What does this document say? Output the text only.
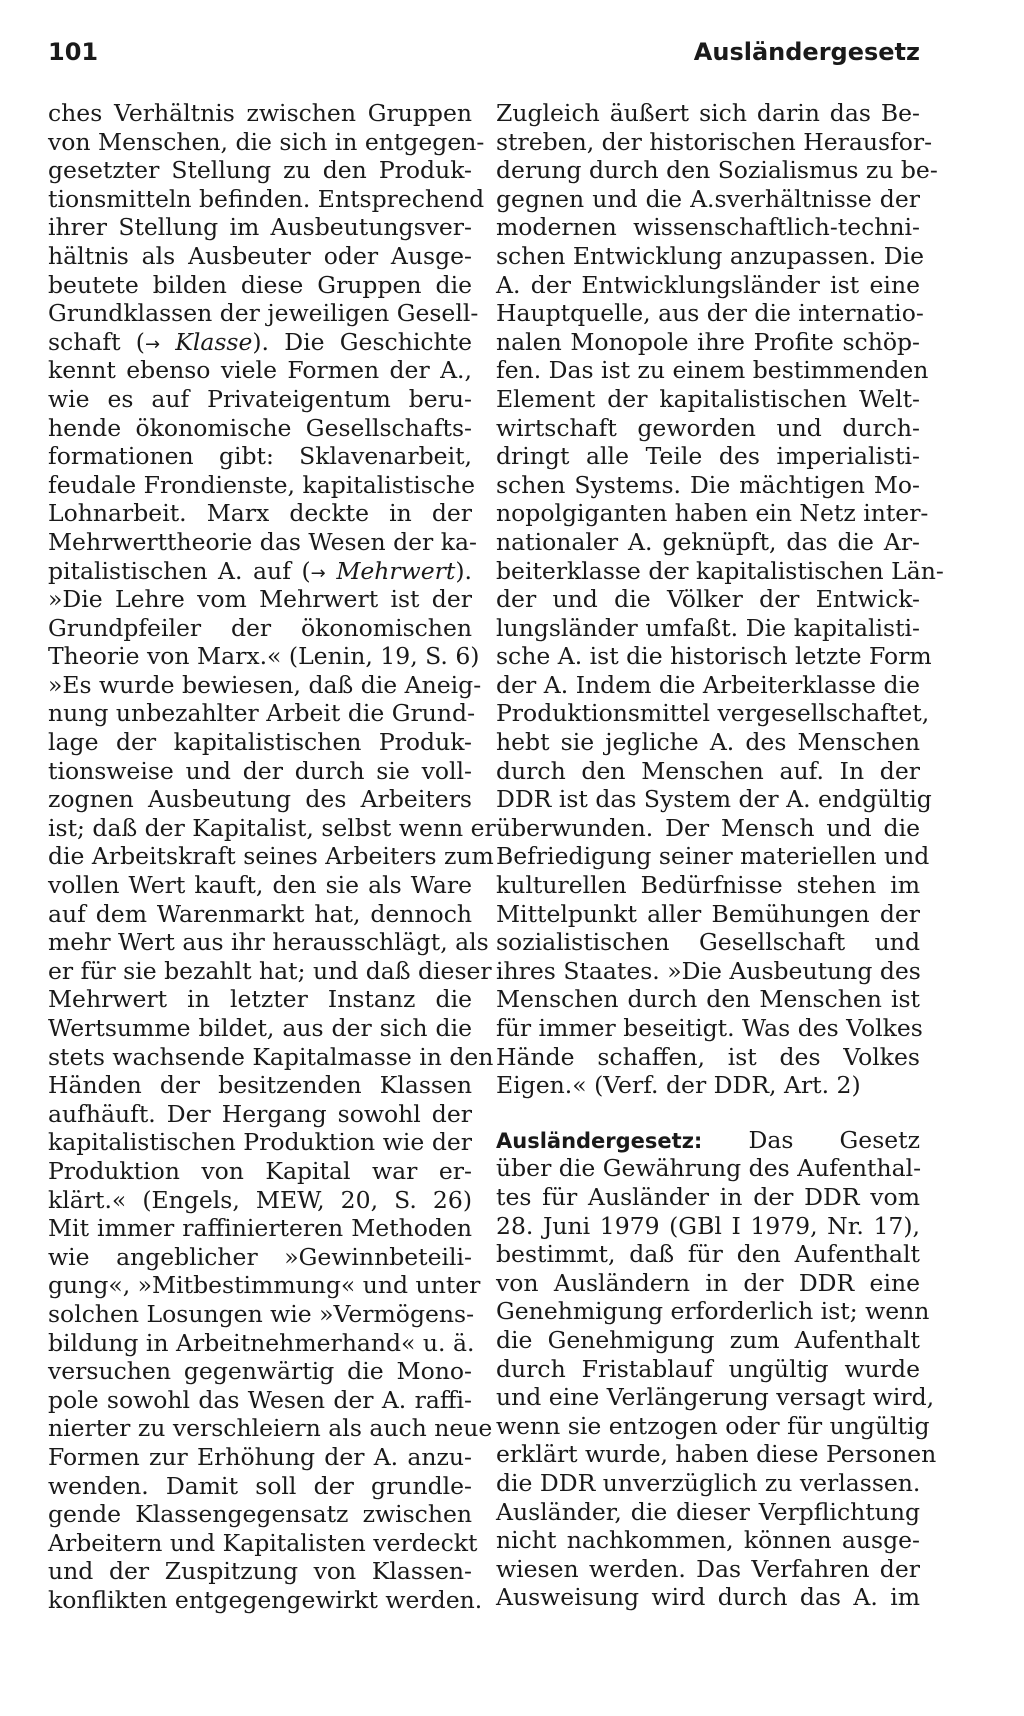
101	Ausländergesetz
ches Verhältnis zwischen Gruppen
von Menschen, die sich in entgegen-
gesetzter Stellung zu den Produk-
tionsmitteln befinden. Entsprechend
ihrer Stellung im Ausbeutungsver-
hältnis als Ausbeuter oder Ausge-
beutete bilden diese Gruppen die
Grundklassen der jeweiligen Gesell-
schaft (→ Klasse). Die Geschichte
kennt ebenso viele Formen der A.,
wie es auf Privateigentum beru-
hende ökonomische Gesellschafts-
formationen gibt: Sklavenarbeit,
feudale Frondienste, kapitalistische
Lohnarbeit. Marx deckte in der
Mehrwerttheorie das Wesen der ka-
pitalistischen A. auf (→ Mehrwert).
»Die Lehre vom Mehrwert ist der
Grundpfeiler der ökonomischen
Theorie von Marx.« (Lenin, 19, S. 6)
»Es wurde bewiesen, daß die Aneig-
nung unbezahlter Arbeit die Grund-
lage der kapitalistischen Produk-
tionsweise und der durch sie voll-
zognen Ausbeutung des Arbeiters
ist; daß der Kapitalist, selbst wenn er
die Arbeitskraft seines Arbeiters zum
vollen Wert kauft, den sie als Ware
auf dem Warenmarkt hat, dennoch
mehr Wert aus ihr herausschlägt, als
er für sie bezahlt hat; und daß dieser
Mehrwert in letzter Instanz die
Wertsumme bildet, aus der sich die
stets wachsende Kapitalmasse in den
Händen der besitzenden Klassen
aufhäuft. Der Hergang sowohl der
kapitalistischen Produktion wie der
Produktion von Kapital war er-
klärt.« (Engels, MEW, 20, S. 26)
Mit immer raffinierteren Methoden
wie angeblicher »Gewinnbeteili-
gung«, »Mitbestimmung« und unter
solchen Losungen wie »Vermögens-
bildung in Arbeitnehmerhand« u. ä.
versuchen gegenwärtig die Mono-
pole sowohl das Wesen der A. raffi-
nierter zu verschleiern als auch neue
Formen zur Erhöhung der A. anzu-
wenden. Damit soll der grundle-
gende Klassengegensatz zwischen
Arbeitern und Kapitalisten verdeckt
und der Zuspitzung von Klassen-
konflikten entgegengewirkt werden.
Zugleich äußert sich darin das Be-
streben, der historischen Herausfor-
derung durch den Sozialismus zu be-
gegnen und die A.sverhältnisse der
modernen wissenschaftlich-techni-
schen Entwicklung anzupassen. Die
A. der Entwicklungsländer ist eine
Hauptquelle, aus der die internatio-
nalen Monopole ihre Profite schöp-
fen. Das ist zu einem bestimmenden
Element der kapitalistischen Welt-
wirtschaft geworden und durch-
dringt alle Teile des imperialisti-
schen Systems. Die mächtigen Mo-
nopolgiganten haben ein Netz inter-
nationaler A. geknüpft, das die Ar-
beiterklasse der kapitalistischen Län-
der und die Völker der Entwick-
lungsländer umfaßt. Die kapitalisti-
sche A. ist die historisch letzte Form
der A. Indem die Arbeiterklasse die
Produktionsmittel vergesellschaftet,
hebt sie jegliche A. des Menschen
durch den Menschen auf. In der
DDR ist das System der A. endgültig
überwunden. Der Mensch und die
Befriedigung seiner materiellen und
kulturellen Bedürfnisse stehen im
Mittelpunkt aller Bemühungen der
sozialistischen Gesellschaft und
ihres Staates. »Die Ausbeutung des
Menschen durch den Menschen ist
für immer beseitigt. Was des Volkes
Hände schaffen, ist des Volkes
Eigen.« (Verf. der DDR, Art. 2)
Ausländergesetz: Das Gesetz
über die Gewährung des Aufenthal-
tes für Ausländer in der DDR vom
28. Juni 1979 (GBl I 1979, Nr. 17),
bestimmt, daß für den Aufenthalt
von Ausländern in der DDR eine
Genehmigung erforderlich ist; wenn
die Genehmigung zum Aufenthalt
durch Fristablauf ungültig wurde
und eine Verlängerung versagt wird,
wenn sie entzogen oder für ungültig
erklärt wurde, haben diese Personen
die DDR unverzüglich zu verlassen.
Ausländer, die dieser Verpflichtung
nicht nachkommen, können ausge-
wiesen werden. Das Verfahren der
Ausweisung wird durch das A. im
